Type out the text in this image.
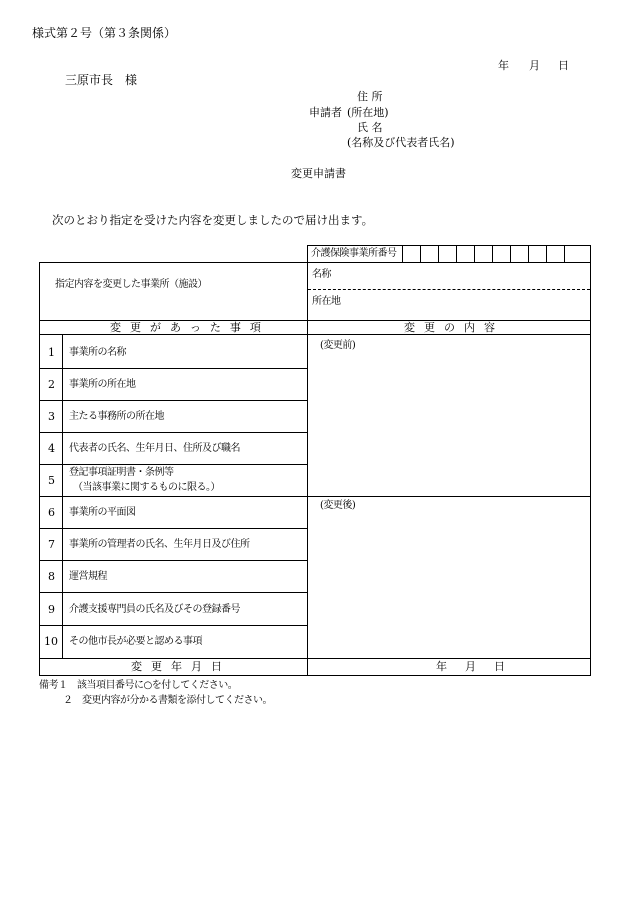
様式第２号（第３条関係）
年 月 日
三原市長　様
住 所
申請者 (所在地)
氏 名
(名称及び代表者氏名)
変更申請書
次のとおり指定を受けた内容を変更しましたので届け出ます。
介護保険事業所番号
指定内容を変更した事業所（施設）
名称
所在地
変更があった事項	変更の内容
(変更前)
(変更後)
1 事業所の名称
2 事業所の所在地
3 主たる事務所の所在地
4 代表者の氏名、生年月日、住所及び職名
5
登記事項証明書・条例等
（当該事業に関するものに限る。）
6 事業所の平面図
7 事業所の管理者の氏名、生年月日及び住所
8 運営規程
9 介護支援専門員の氏名及びその登録番号
10 その他市長が必要と認める事項
変更年月日	年 月 日
備考１　該当項目番号に○を付してください。
２　変更内容が分かる書類を添付してください。
